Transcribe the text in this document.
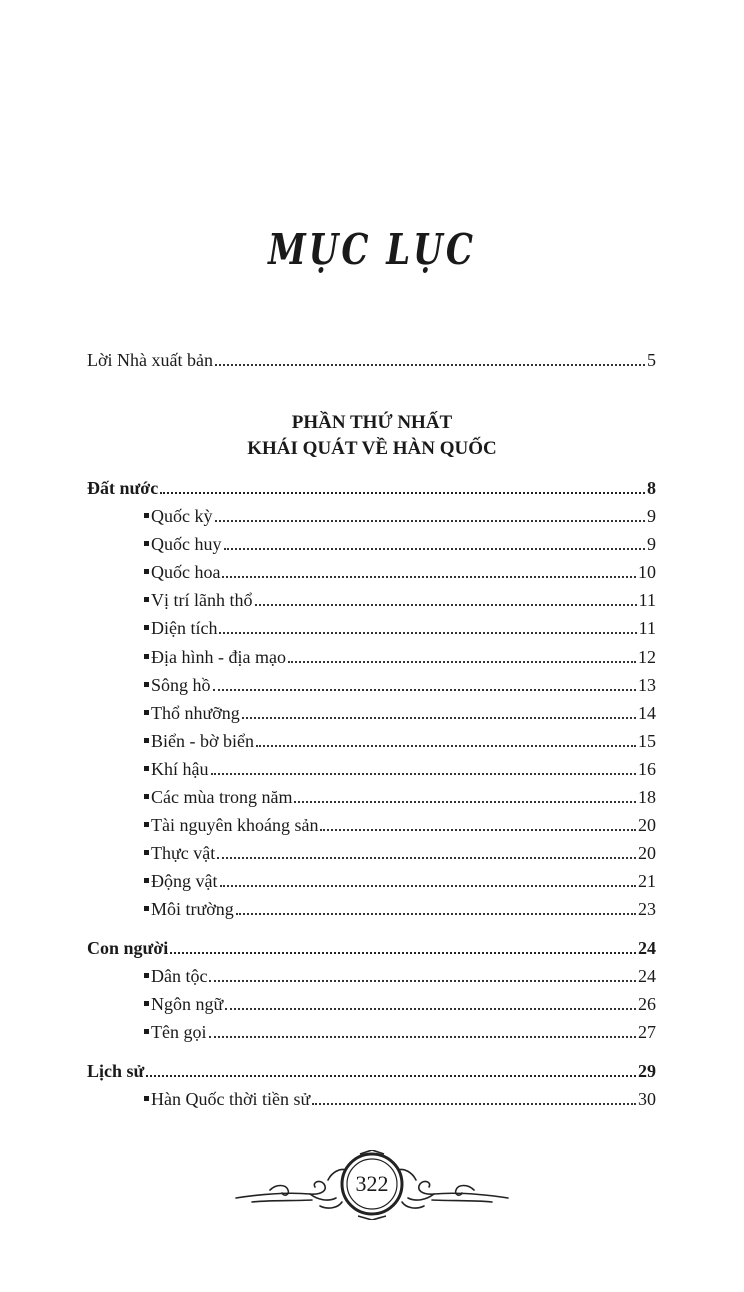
MỤC LỤC
Lời Nhà xuất bản	5
PHẦN THỨ NHẤT
KHÁI QUÁT VỀ HÀN QUỐC
Đất nước	8
Quốc kỳ	9
Quốc huy	9
Quốc hoa	10
Vị trí lãnh thổ	11
Diện tích	11
Địa hình - địa mạo	12
Sông hồ	13
Thổ nhưỡng	14
Biển - bờ biển	15
Khí hậu	16
Các mùa trong năm	18
Tài nguyên khoáng sản	20
Thực vật	20
Động vật	21
Môi trường	23
Con người	24
Dân tộc	24
Ngôn ngữ	26
Tên gọi	27
Lịch sử	29
Hàn Quốc thời tiền sử	30
322
